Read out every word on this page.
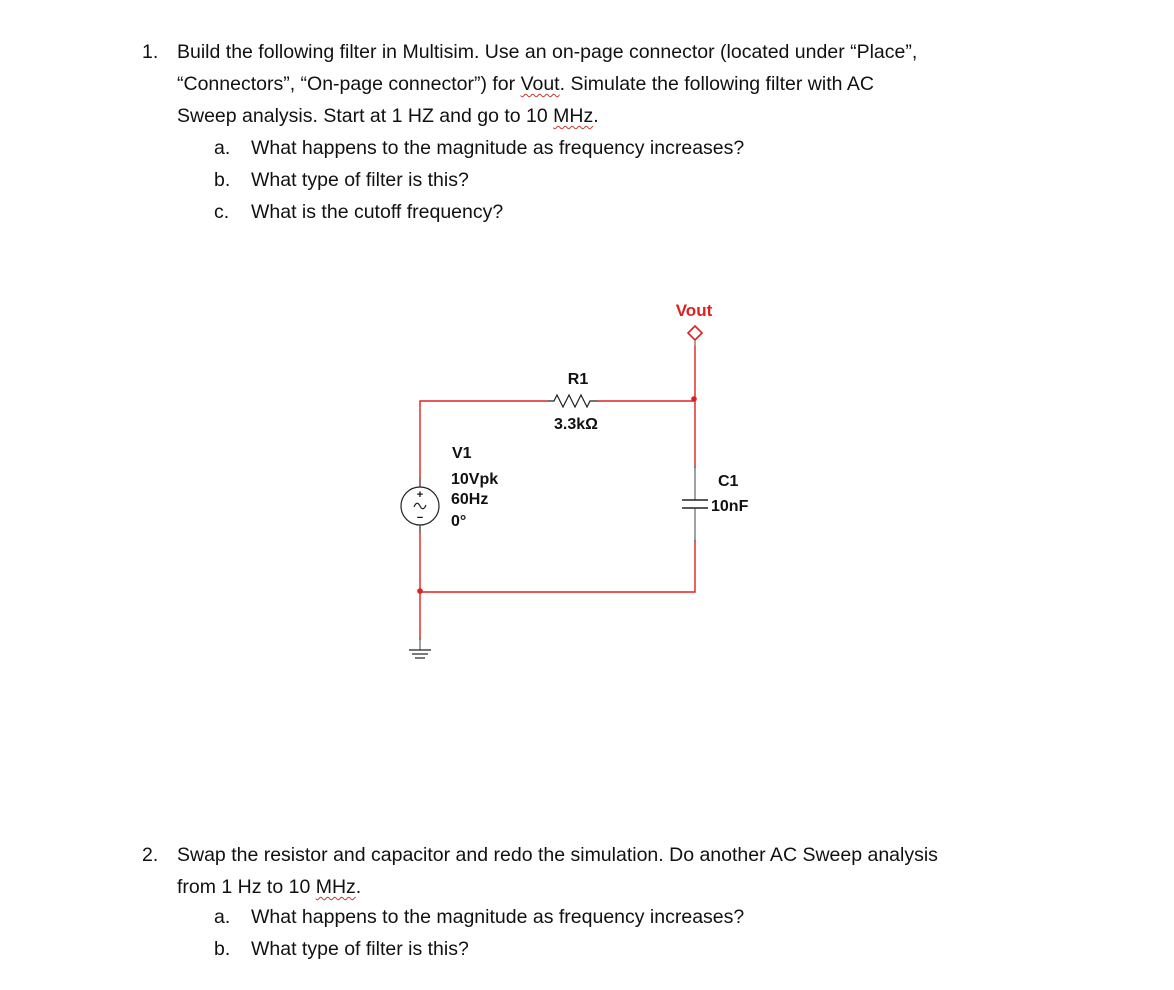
1. Build the following filter in Multisim. Use an on-page connector (located under “Place”,
“Connectors”, “On-page connector”) for Vout. Simulate the following filter with AC
Sweep analysis. Start at 1 HZ and go to 10 MHz.
a. What happens to the magnitude as frequency increases?
b. What type of filter is this?
c. What is the cutoff frequency?
Vout
R1
3.3kΩ
+
−
V1
10Vpk
60Hz
0°
C1
10nF
2. Swap the resistor and capacitor and redo the simulation. Do another AC Sweep analysis
from 1 Hz to 10 MHz.
a. What happens to the magnitude as frequency increases?
b. What type of filter is this?
